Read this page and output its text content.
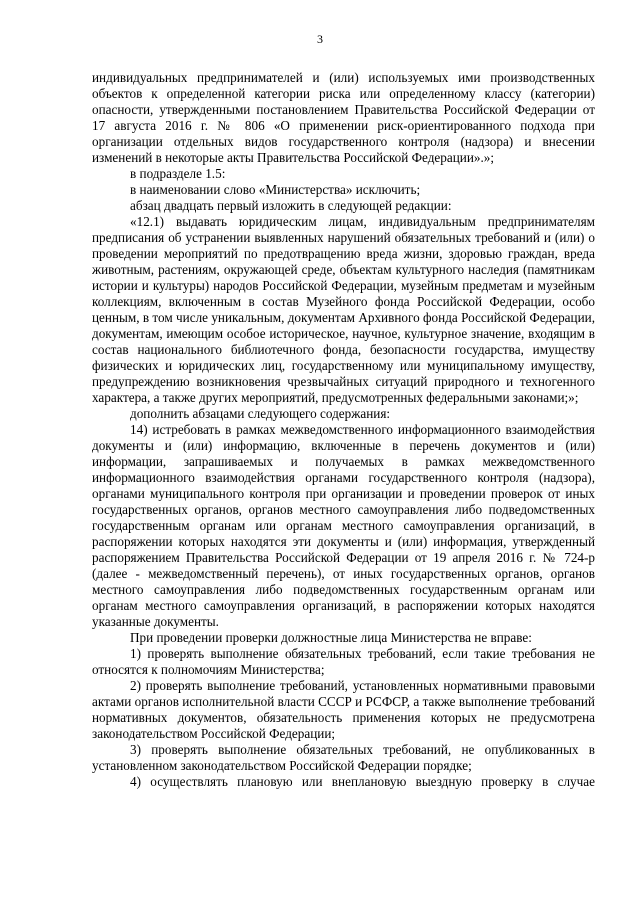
3

индивидуальных предпринимателей и (или) используемых ими производственных объектов к определенной категории риска или определенному классу (категории) опасности, утвержденными постановлением Правительства Российской Федерации от 17 августа 2016 г. № 806 «О применении риск-ориентированного подхода при организации отдельных видов государственного контроля (надзора) и внесении изменений в некоторые акты Правительства Российской Федерации».»;

в подразделе 1.5:

в наименовании слово «Министерства» исключить;

абзац двадцать первый изложить в следующей редакции:

«12.1) выдавать юридическим лицам, индивидуальным предпринимателям предписания об устранении выявленных нарушений обязательных требований и (или) о проведении мероприятий по предотвращению вреда жизни, здоровью граждан, вреда животным, растениям, окружающей среде, объектам культурного наследия (памятникам истории и культуры) народов Российской Федерации, музейным предметам и музейным коллекциям, включенным в состав Музейного фонда Российской Федерации, особо ценным, в том числе уникальным, документам Архивного фонда Российской Федерации, документам, имеющим особое историческое, научное, культурное значение, входящим в состав национального библиотечного фонда, безопасности государства, имуществу физических и юридических лиц, государственному или муниципальному имуществу, предупреждению возникновения чрезвычайных ситуаций природного и техногенного характера, а также других мероприятий, предусмотренных федеральными законами;»;

дополнить абзацами следующего содержания:

14) истребовать в рамках межведомственного информационного взаимодействия документы и (или) информацию, включенные в перечень документов и (или) информации, запрашиваемых и получаемых в рамках межведомственного информационного взаимодействия органами государственного контроля (надзора), органами муниципального контроля при организации и проведении проверок от иных государственных органов, органов местного самоуправления либо подведомственных государственным органам или органам местного самоуправления организаций, в распоряжении которых находятся эти документы и (или) информация, утвержденный распоряжением Правительства Российской Федерации от 19 апреля 2016 г. № 724-р (далее - межведомственный перечень), от иных государственных органов, органов местного самоуправления либо подведомственных государственным органам или органам местного самоуправления организаций, в распоряжении которых находятся указанные документы.

При проведении проверки должностные лица Министерства не вправе:

1) проверять выполнение обязательных требований, если такие требования не относятся к полномочиям Министерства;

2) проверять выполнение требований, установленных нормативными правовыми актами органов исполнительной власти СССР и РСФСР, а также выполнение требований нормативных документов, обязательность применения которых не предусмотрена законодательством Российской Федерации;

3) проверять выполнение обязательных требований, не опубликованных в установленном законодательством Российской Федерации порядке;

4) осуществлять плановую или внеплановую выездную проверку в случае
